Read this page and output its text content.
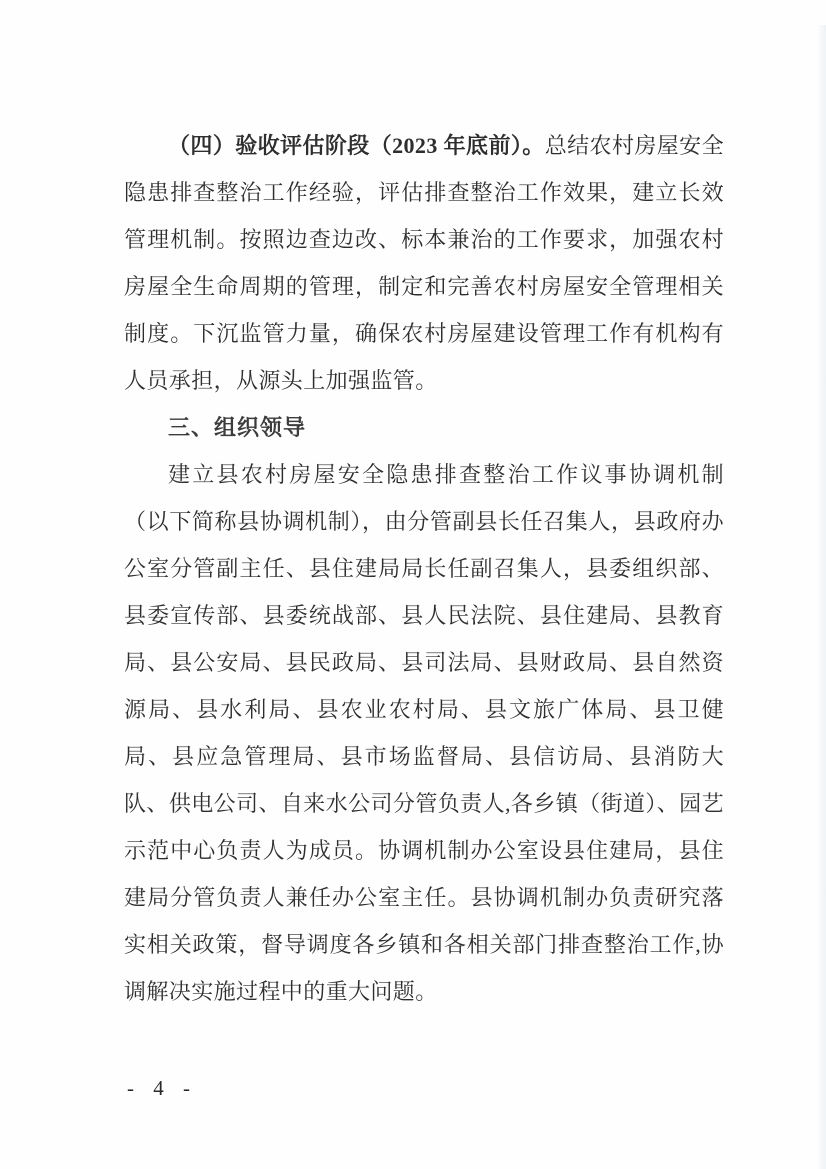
（四）验收评估阶段（2023 年底前）。总结农村房屋安全隐患排查整治工作经验，评估排查整治工作效果，建立长效管理机制。按照边查边改、标本兼治的工作要求，加强农村房屋全生命周期的管理，制定和完善农村房屋安全管理相关制度。下沉监管力量，确保农村房屋建设管理工作有机构有人员承担，从源头上加强监管。

三、组织领导

建立县农村房屋安全隐患排查整治工作议事协调机制（以下简称县协调机制），由分管副县长任召集人，县政府办公室分管副主任、县住建局局长任副召集人，县委组织部、县委宣传部、县委统战部、县人民法院、县住建局、县教育局、县公安局、县民政局、县司法局、县财政局、县自然资源局、县水利局、县农业农村局、县文旅广体局、县卫健局、县应急管理局、县市场监督局、县信访局、县消防大队、供电公司、自来水公司分管负责人,各乡镇（街道）、园艺示范中心负责人为成员。协调机制办公室设县住建局，县住建局分管负责人兼任办公室主任。县协调机制办负责研究落实相关政策，督导调度各乡镇和各相关部门排查整治工作,协调解决实施过程中的重大问题。

- 4 -
